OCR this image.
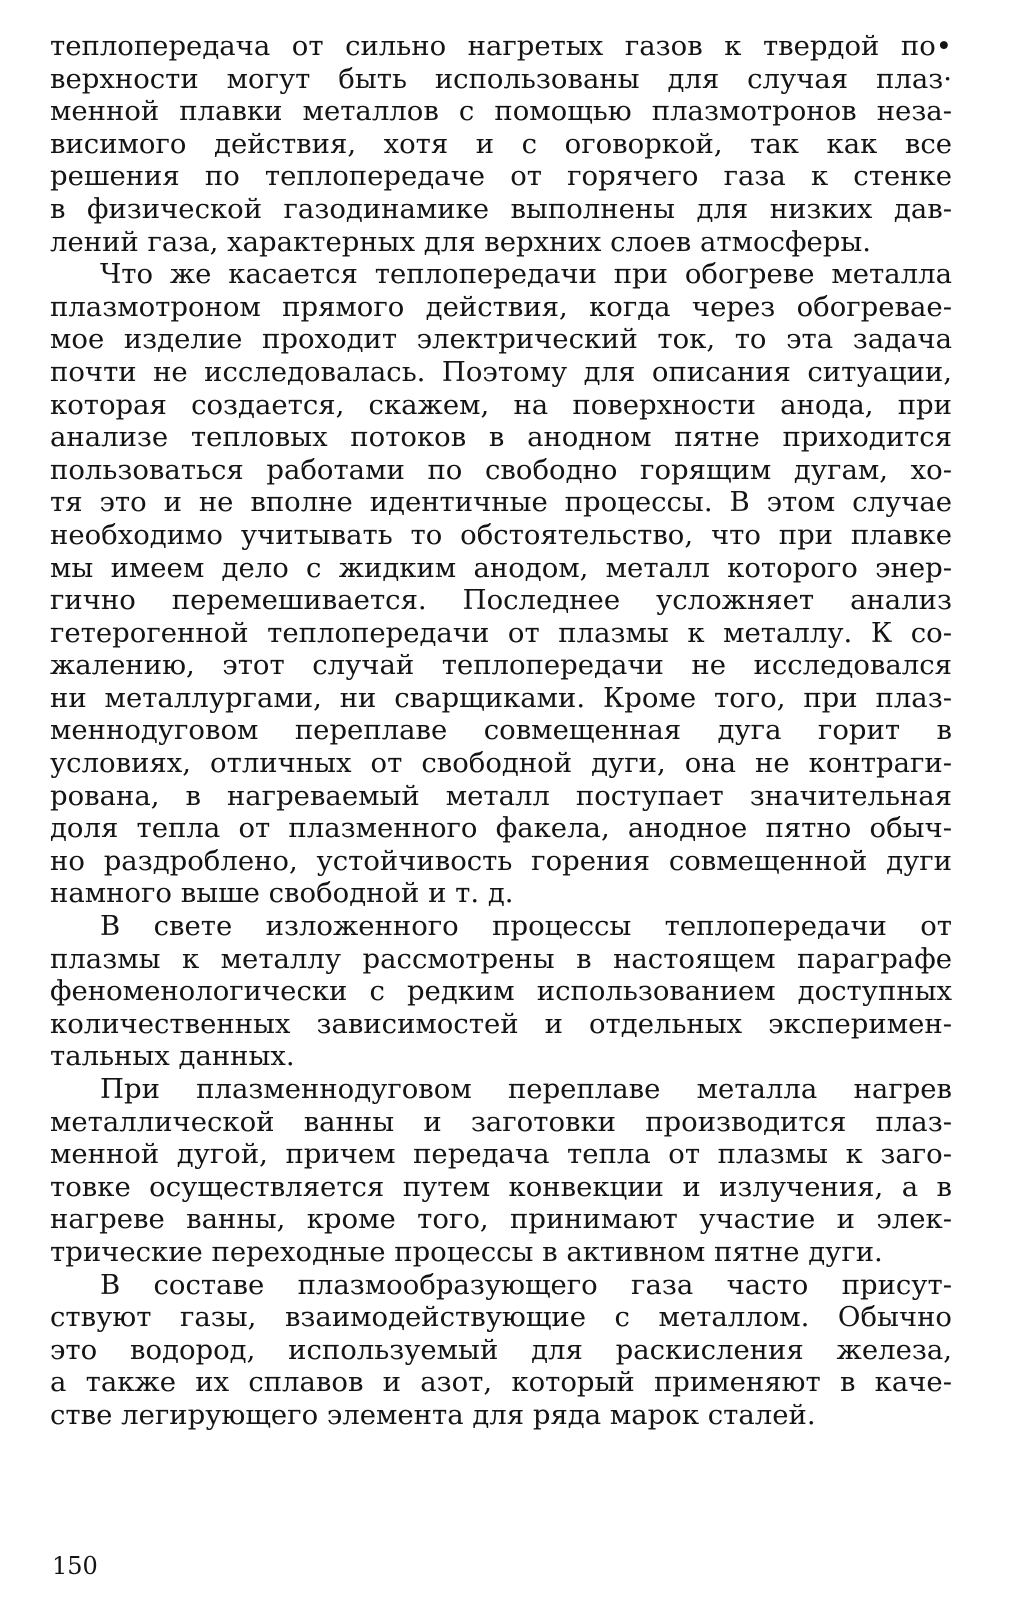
теплопередача от сильно нагретых газов к твердой по•
верхности могут быть использованы для случая плаз·
менной плавки металлов с помощью плазмотронов неза-
висимого действия, хотя и с оговоркой, так как все
решения по теплопередаче от горячего газа к стенке
в физической газодинамике выполнены для низких дав-
лений газа, характерных для верхних слоев атмосферы.

Что же касается теплопередачи при обогреве металла
плазмотроном прямого действия, когда через обогревае-
мое изделие проходит электрический ток, то эта задача
почти не исследовалась. Поэтому для описания ситуации,
которая создается, скажем, на поверхности анода, при
анализе тепловых потоков в анодном пятне приходится
пользоваться работами по свободно горящим дугам, хо-
тя это и не вполне идентичные процессы. В этом случае
необходимо учитывать то обстоятельство, что при плавке
мы имеем дело с жидким анодом, металл которого энер-
гично перемешивается. Последнее усложняет анализ
гетерогенной теплопередачи от плазмы к металлу. К со-
жалению, этот случай теплопередачи не исследовался
ни металлургами, ни сварщиками. Кроме того, при плаз-
меннодуговом переплаве совмещенная дуга горит в
условиях, отличных от свободной дуги, она не контраги-
рована, в нагреваемый металл поступает значительная
доля тепла от плазменного факела, анодное пятно обыч-
но раздроблено, устойчивость горения совмещенной дуги
намного выше свободной и т. д.

В свете изложенного процессы теплопередачи от
плазмы к металлу рассмотрены в настоящем параграфе
феноменологически с редким использованием доступных
количественных зависимостей и отдельных эксперимен-
тальных данных.

При плазменнодуговом переплаве металла нагрев
металлической ванны и заготовки производится плаз-
менной дугой, причем передача тепла от плазмы к заго-
товке осуществляется путем конвекции и излучения, а в
нагреве ванны, кроме того, принимают участие и элек-
трические переходные процессы в активном пятне дуги.

В составе плазмообразующего газа часто присут-
ствуют газы, взаимодействующие с металлом. Обычно
это водород, используемый для раскисления железа,
а также их сплавов и азот, который применяют в каче-
стве легирующего элемента для ряда марок сталей.

150
